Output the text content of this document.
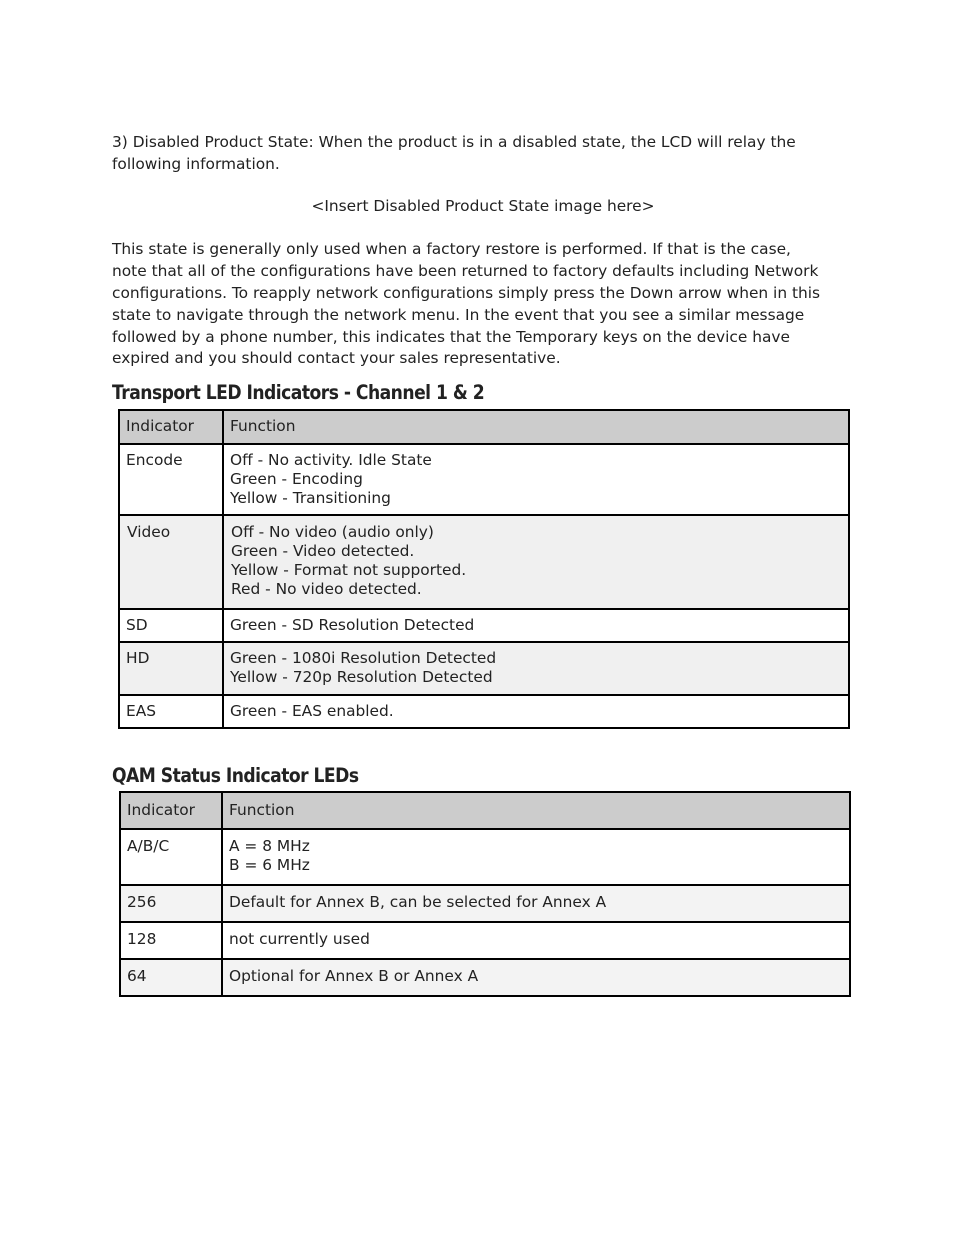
3) Disabled Product State: When the product is in a disabled state, the LCD will relay the
following information.

<Insert Disabled Product State image here>

This state is generally only used when a factory restore is performed. If that is the case,
note that all of the configurations have been returned to factory defaults including Network
configurations. To reapply network configurations simply press the Down arrow when in this
state to navigate through the network menu. In the event that you see a similar message
followed by a phone number, this indicates that the Temporary keys on the device have
expired and you should contact your sales representative.

Transport LED Indicators - Channel 1 & 2
Indicator	Function

Encode	Off - No activity. Idle State
Green - Encoding
Yellow - Transitioning

Video	Off - No video (audio only)
Green - Video detected.
Yellow - Format not supported.
Red - No video detected.

SD	Green - SD Resolution Detected

HD	Green - 1080i Resolution Detected
Yellow - 720p Resolution Detected

EAS	Green - EAS enabled.
QAM Status Indicator LEDs
Indicator	Function

A/B/C	A = 8 MHz
B = 6 MHz

256	Default for Annex B, can be selected for Annex A

128	not currently used

64	Optional for Annex B or Annex A
